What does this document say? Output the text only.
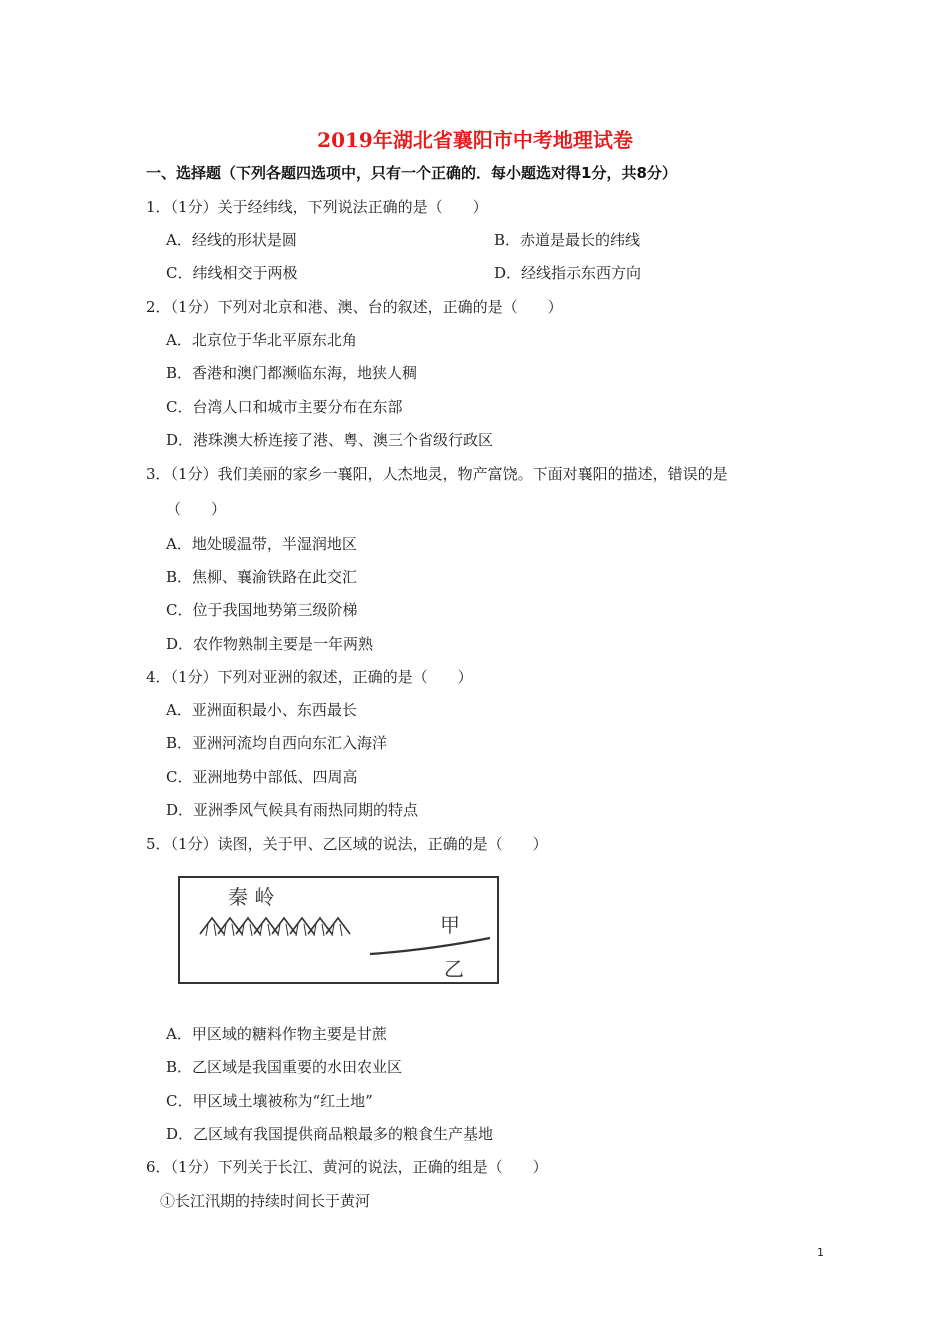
2019年湖北省襄阳市中考地理试卷
一、选择题（下列各题四选项中，只有一个正确的．每小题选对得1分，共8分）
1．（1分）关于经纬线，下列说法正确的是（　　）
A．经线的形状是圆	B．赤道是最长的纬线
C．纬线相交于两极	D．经线指示东西方向
2．（1分）下列对北京和港、澳、台的叙述，正确的是（　　）
A．北京位于华北平原东北角
B．香港和澳门都濒临东海，地狭人稠
C．台湾人口和城市主要分布在东部
D．港珠澳大桥连接了港、粤、澳三个省级行政区
3．（1分）我们美丽的家乡一襄阳，人杰地灵，物产富饶。下面对襄阳的描述，错误的是
（　　）
A．地处暖温带，半湿润地区
B．焦柳、襄渝铁路在此交汇
C．位于我国地势第三级阶梯
D．农作物熟制主要是一年两熟
4．（1分）下列对亚洲的叙述，正确的是（　　）
A．亚洲面积最小、东西最长
B．亚洲河流均自西向东汇入海洋
C．亚洲地势中部低、四周高
D．亚洲季风气候具有雨热同期的特点
5．（1分）读图，关于甲、乙区域的说法，正确的是（　　）
秦 岭
甲
乙
A．甲区域的糖料作物主要是甘蔗
B．乙区域是我国重要的水田农业区
C．甲区域土壤被称为“红土地”
D．乙区域有我国提供商品粮最多的粮食生产基地
6．（1分）下列关于长江、黄河的说法，正确的组是（　　）
①长江汛期的持续时间长于黄河
1
